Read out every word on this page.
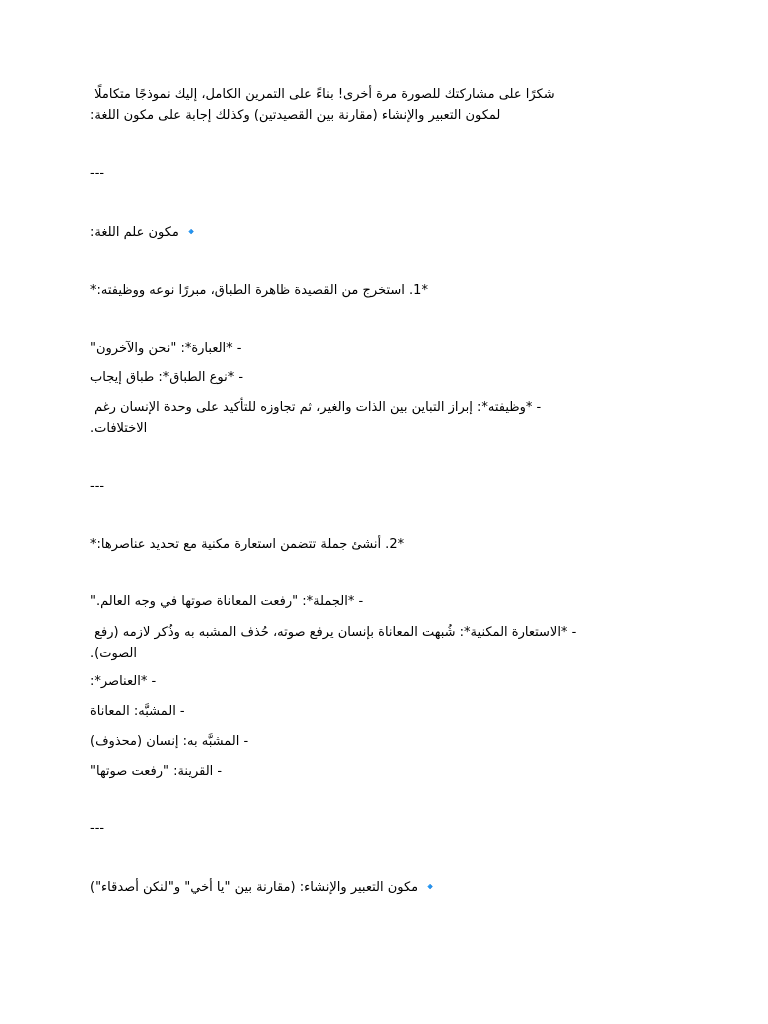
شكرًا على مشاركتك للصورة مرة أخرى! بناءً على التمرين الكامل، إليك نموذجًا متكاملًا
لمكون التعبير والإنشاء (مقارنة بين القصيدتين) وكذلك إجابة على مكون اللغة:
---
🔹 مكون علم اللغة:
*1. استخرج من القصيدة ظاهرة الطباق، مبررًا نوعه ووظيفته:*
- *العبارة*: "نحن والآخرون"
- *نوع الطباق*: طباق إيجاب
- *وظيفته*: إبراز التباين بين الذات والغير، ثم تجاوزه للتأكيد على وحدة الإنسان رغم
الاختلافات.
---
*2. أنشئ جملة تتضمن استعارة مكنية مع تحديد عناصرها:*
- *الجملة*: "رفعت المعاناة صوتها في وجه العالم."
- *الاستعارة المكنية*: شُبهت المعاناة بإنسان يرفع صوته، حُذف المشبه به وذُكر لازمه (رفع
الصوت).
- *العناصر*:
- المشبَّه: المعاناة
- المشبَّه به: إنسان (محذوف)
- القرينة: "رفعت صوتها"
---
🔹 مكون التعبير والإنشاء: (مقارنة بين "يا أخي" و"لنكن أصدقاء")
